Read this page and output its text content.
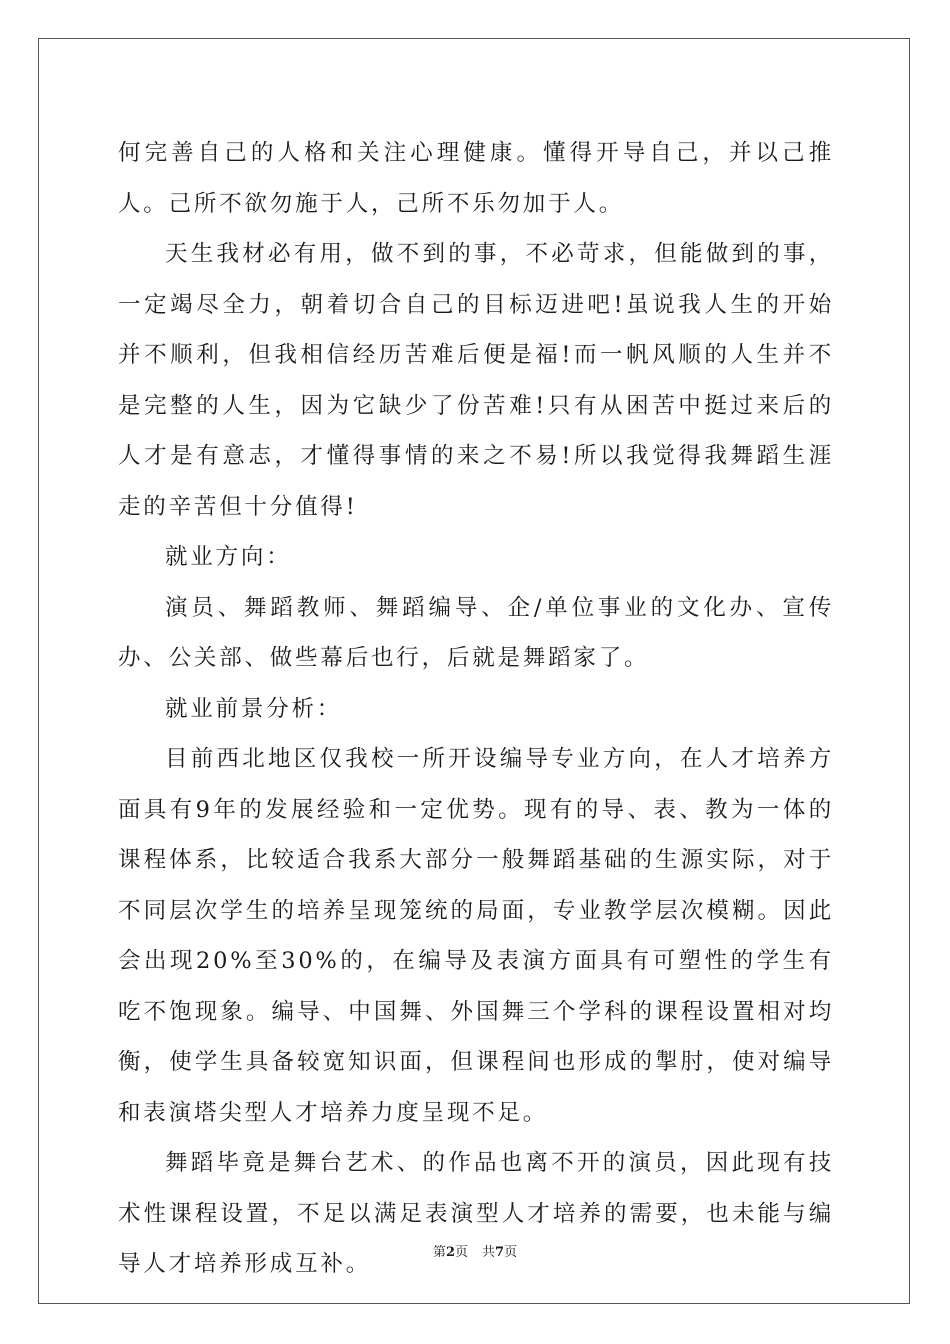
何完善自己的人格和关注心理健康。懂得开导自己，并以己推人。己所不欲勿施于人，己所不乐勿加于人。

天生我材必有用，做不到的事，不必苛求，但能做到的事，一定竭尽全力，朝着切合自己的目标迈进吧!虽说我人生的开始并不顺利，但我相信经历苦难后便是福!而一帆风顺的人生并不是完整的人生，因为它缺少了份苦难!只有从困苦中挺过来后的人才是有意志，才懂得事情的来之不易!所以我觉得我舞蹈生涯走的辛苦但十分值得!

就业方向：

演员、舞蹈教师、舞蹈编导、企/单位事业的文化办、宣传办、公关部、做些幕后也行，后就是舞蹈家了。

就业前景分析：

目前西北地区仅我校一所开设编导专业方向，在人才培养方面具有9年的发展经验和一定优势。现有的导、表、教为一体的课程体系，比较适合我系大部分一般舞蹈基础的生源实际，对于不同层次学生的培养呈现笼统的局面，专业教学层次模糊。因此会出现20%至30%的，在编导及表演方面具有可塑性的学生有吃不饱现象。编导、中国舞、外国舞三个学科的课程设置相对均衡，使学生具备较宽知识面，但课程间也形成的掣肘，使对编导和表演塔尖型人才培养力度呈现不足。

舞蹈毕竟是舞台艺术、的作品也离不开的演员，因此现有技术性课程设置，不足以满足表演型人才培养的需要，也未能与编导人才培养形成互补。	第2页 共7页
